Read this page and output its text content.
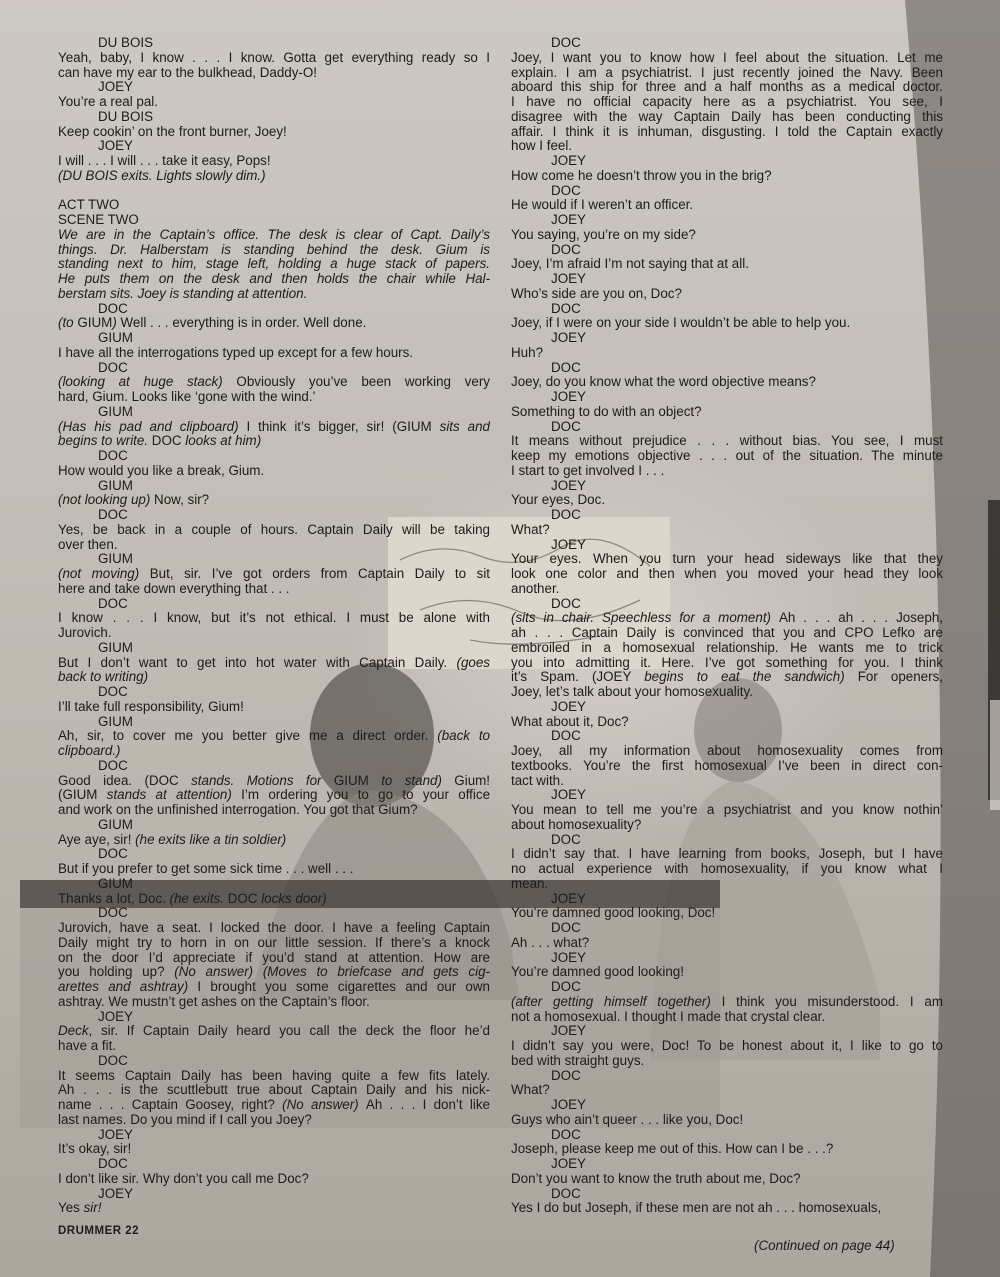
DU BOIS
Yeah, baby, I know . . . I know. Gotta get everything ready so I
can have my ear to the bulkhead, Daddy-O!
JOEY
You’re a real pal.
DU BOIS
Keep cookin’ on the front burner, Joey!
JOEY
I will . . . I will . . . take it easy, Pops!
(DU BOIS exits. Lights slowly dim.)
ACT TWO
SCENE TWO
We are in the Captain’s office. The desk is clear of Capt. Daily’s
things. Dr. Halberstam is standing behind the desk. Gium is
standing next to him, stage left, holding a huge stack of papers.
He puts them on the desk and then holds the chair while Hal-
berstam sits. Joey is standing at attention.
DOC
(to GIUM) Well . . . everything is in order. Well done.
GIUM
I have all the interrogations typed up except for a few hours.
DOC
(looking at huge stack) Obviously you’ve been working very
hard, Gium. Looks like ‘gone with the wind.’
GIUM
(Has his pad and clipboard) I think it’s bigger, sir! (GIUM sits and
begins to write. DOC looks at him)
DOC
How would you like a break, Gium.
GIUM
(not looking up) Now, sir?
DOC
Yes, be back in a couple of hours. Captain Daily will be taking
over then.
GIUM
(not moving) But, sir. I’ve got orders from Captain Daily to sit
here and take down everything that . . .
DOC
I know . . . I know, but it’s not ethical. I must be alone with
Jurovich.
GIUM
But I don’t want to get into hot water with Captain Daily. (goes
back to writing)
DOC
I’ll take full responsibility, Gium!
GIUM
Ah, sir, to cover me you better give me a direct order. (back to
clipboard.)
DOC
Good idea. (DOC stands. Motions for GIUM to stand) Gium!
(GIUM stands at attention) I’m ordering you to go to your office
and work on the unfinished interrogation. You got that Gium?
GIUM
Aye aye, sir! (he exits like a tin soldier)
DOC
But if you prefer to get some sick time . . . well . . .
GIUM
Thanks a lot, Doc. (he exits. DOC locks door)
DOC
Jurovich, have a seat. I locked the door. I have a feeling Captain
Daily might try to horn in on our little session. If there’s a knock
on the door I’d appreciate if you’d stand at attention. How are
you holding up? (No answer) (Moves to briefcase and gets cig-
arettes and ashtray) I brought you some cigarettes and our own
ashtray. We mustn’t get ashes on the Captain’s floor.
JOEY
Deck, sir. If Captain Daily heard you call the deck the floor he’d
have a fit.
DOC
It seems Captain Daily has been having quite a few fits lately.
Ah . . . is the scuttlebutt true about Captain Daily and his nick-
name . . . Captain Goosey, right? (No answer) Ah . . . I don’t like
last names. Do you mind if I call you Joey?
JOEY
It’s okay, sir!
DOC
I don’t like sir. Why don’t you call me Doc?
JOEY
Yes sir!
DOC
Joey, I want you to know how I feel about the situation. Let me
explain. I am a psychiatrist. I just recently joined the Navy. Been
aboard this ship for three and a half months as a medical doctor.
I have no official capacity here as a psychiatrist. You see, I
disagree with the way Captain Daily has been conducting this
affair. I think it is inhuman, disgusting. I told the Captain exactly
how I feel.
JOEY
How come he doesn’t throw you in the brig?
DOC
He would if I weren’t an officer.
JOEY
You saying, you’re on my side?
DOC
Joey, I’m afraid I’m not saying that at all.
JOEY
Who’s side are you on, Doc?
DOC
Joey, if I were on your side I wouldn’t be able to help you.
JOEY
Huh?
DOC
Joey, do you know what the word objective means?
JOEY
Something to do with an object?
DOC
It means without prejudice . . . without bias. You see, I must
keep my emotions objective . . . out of the situation. The minute
I start to get involved I . . .
JOEY
Your eyes, Doc.
DOC
What?
JOEY
Your eyes. When you turn your head sideways like that they
look one color and then when you moved your head they look
another.
DOC
(sits in chair. Speechless for a moment) Ah . . . ah . . . Joseph,
ah . . . Captain Daily is convinced that you and CPO Lefko are
embroiled in a homosexual relationship. He wants me to trick
you into admitting it. Here. I’ve got something for you. I think
it’s Spam. (JOEY begins to eat the sandwich) For openers,
Joey, let’s talk about your homosexuality.
JOEY
What about it, Doc?
DOC
Joey, all my information about homosexuality comes from
textbooks. You’re the first homosexual I’ve been in direct con-
tact with.
JOEY
You mean to tell me you’re a psychiatrist and you know nothin’
about homosexuality?
DOC
I didn’t say that. I have learning from books, Joseph, but I have
no actual experience with homosexuality, if you know what I
mean.
JOEY
You’re damned good looking, Doc!
DOC
Ah . . . what?
JOEY
You’re damned good looking!
DOC
(after getting himself together) I think you misunderstood. I am
not a homosexual. I thought I made that crystal clear.
JOEY
I didn’t say you were, Doc! To be honest about it, I like to go to
bed with straight guys.
DOC
What?
JOEY
Guys who ain’t queer . . . like you, Doc!
DOC
Joseph, please keep me out of this. How can I be . . .?
JOEY
Don’t you want to know the truth about me, Doc?
DOC
Yes I do but Joseph, if these men are not ah . . . homosexuals,
DRUMMER 22
(Continued on page 44)
